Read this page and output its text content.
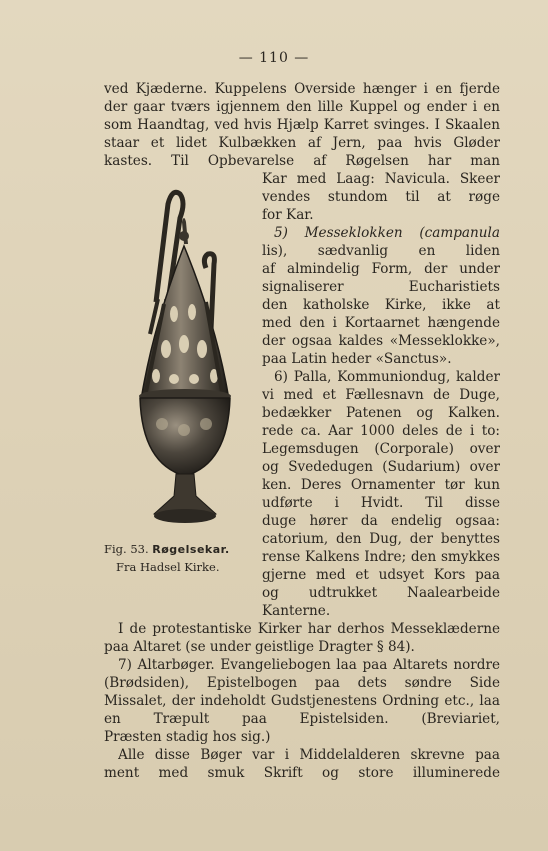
— 110 —
ved Kjæderne. Kuppelens Overside hænger i en fjerde
der gaar tværs igjennem den lille Kuppel og ender i en
som Haandtag, ved hvis Hjælp Karret svinges. I Skaalen
staar et lidet Kulbækken af Jern, paa hvis Gløder
kastes. Til Opbevarelse af Røgelsen har man
Kar med Laag: Navicula. Skeer
vendes stundom til at røge
for Kar.
5) Messeklokken (campanula
lis), sædvanlig en liden
af almindelig Form, der under
signaliserer Eucharistiets
den katholske Kirke, ikke at
med den i Kortaarnet hængende
der ogsaa kaldes «Messeklokke»,
paa Latin heder «Sanctus».
6) Palla, Kommuniondug, kalder
vi med et Fællesnavn de Duge,
bedækker Patenen og Kalken.
rede ca. Aar 1000 deles de i to:
Legemsdugen (Corporale) over
og Svededugen (Sudarium) over
ken. Deres Ornamenter tør kun
udførte i Hvidt. Til disse
duge hører da endelig ogsaa:
catorium, den Dug, der benyttes
rense Kalkens Indre; den smykkes
gjerne med et udsyet Kors paa
og udtrukket Naalearbeide
Kanterne.
I de protestantiske Kirker har derhos Messeklæderne
paa Altaret (se under geistlige Dragter § 84).
7) Altarbøger. Evangeliebogen laa paa Altarets nordre
(Brødsiden), Epistelbogen paa dets søndre Side
Missalet, der indeholdt Gudstjenestens Ordning etc., laa
en Træpult paa Epistelsiden. (Breviariet,
Præsten stadig hos sig.)
Alle disse Bøger var i Middelalderen skrevne paa
ment med smuk Skrift og store illuminerede
Fig. 53. Røgelsekar.
Fra Hadsel Kirke.
